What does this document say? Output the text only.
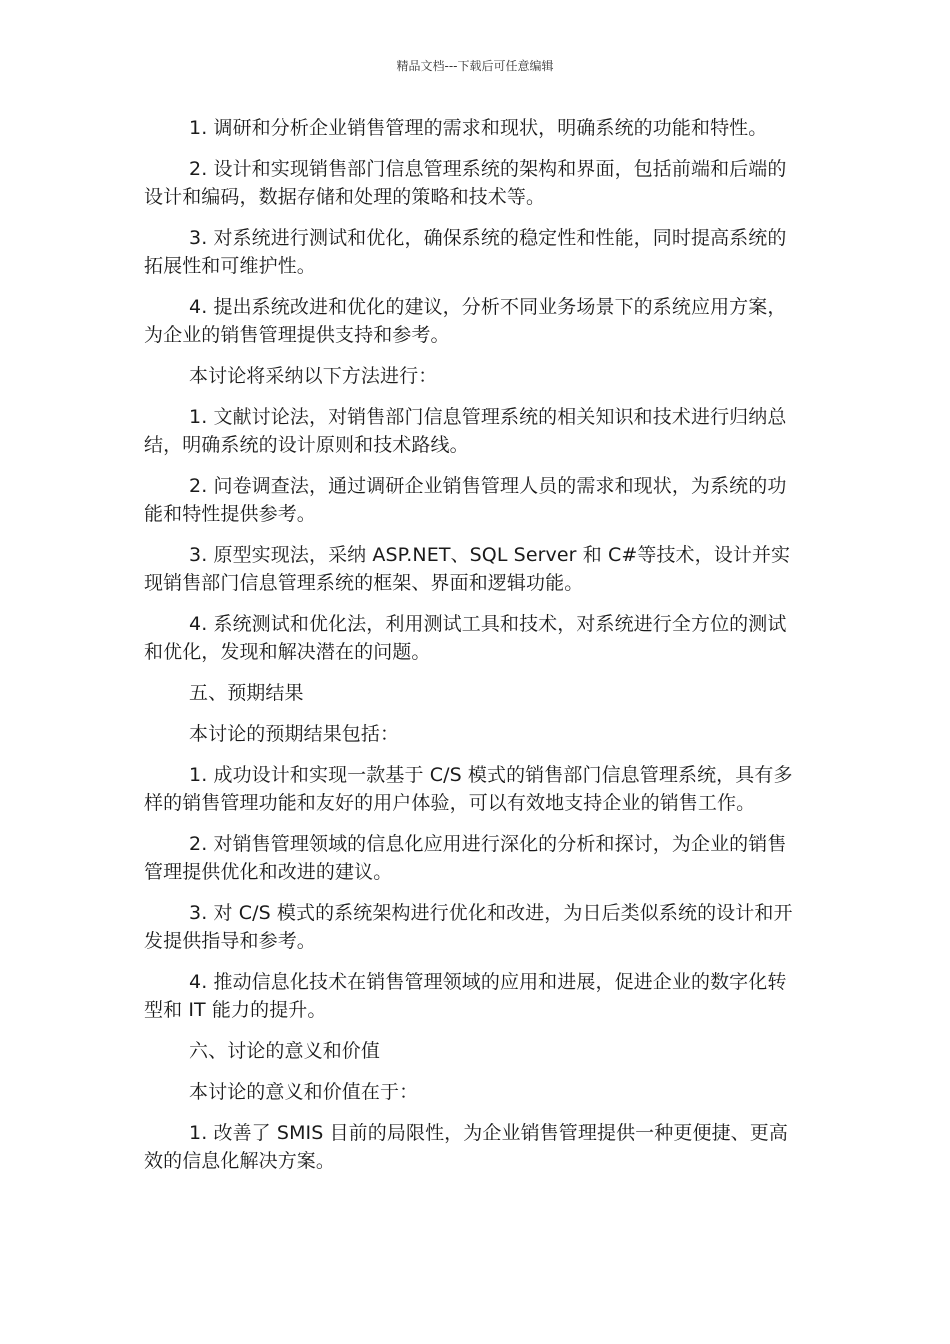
精品文档---下载后可任意编辑

1. 调研和分析企业销售管理的需求和现状，明确系统的功能和特性。

2. 设计和实现销售部门信息管理系统的架构和界面，包括前端和后端的设计和编码，数据存储和处理的策略和技术等。

3. 对系统进行测试和优化，确保系统的稳定性和性能，同时提高系统的拓展性和可维护性。

4. 提出系统改进和优化的建议，分析不同业务场景下的系统应用方案，为企业的销售管理提供支持和参考。

本讨论将采纳以下方法进行：

1. 文献讨论法，对销售部门信息管理系统的相关知识和技术进行归纳总结，明确系统的设计原则和技术路线。

2. 问卷调查法，通过调研企业销售管理人员的需求和现状，为系统的功能和特性提供参考。

3. 原型实现法，采纳 ASP.NET、SQL Server 和 C#等技术，设计并实现销售部门信息管理系统的框架、界面和逻辑功能。

4. 系统测试和优化法，利用测试工具和技术，对系统进行全方位的测试和优化，发现和解决潜在的问题。

五、预期结果

本讨论的预期结果包括：

1. 成功设计和实现一款基于 C/S 模式的销售部门信息管理系统，具有多样的销售管理功能和友好的用户体验，可以有效地支持企业的销售工作。

2. 对销售管理领域的信息化应用进行深化的分析和探讨，为企业的销售管理提供优化和改进的建议。

3. 对 C/S 模式的系统架构进行优化和改进，为日后类似系统的设计和开发提供指导和参考。

4. 推动信息化技术在销售管理领域的应用和进展，促进企业的数字化转型和 IT 能力的提升。

六、讨论的意义和价值

本讨论的意义和价值在于：

1. 改善了 SMIS 目前的局限性，为企业销售管理提供一种更便捷、更高效的信息化解决方案。
